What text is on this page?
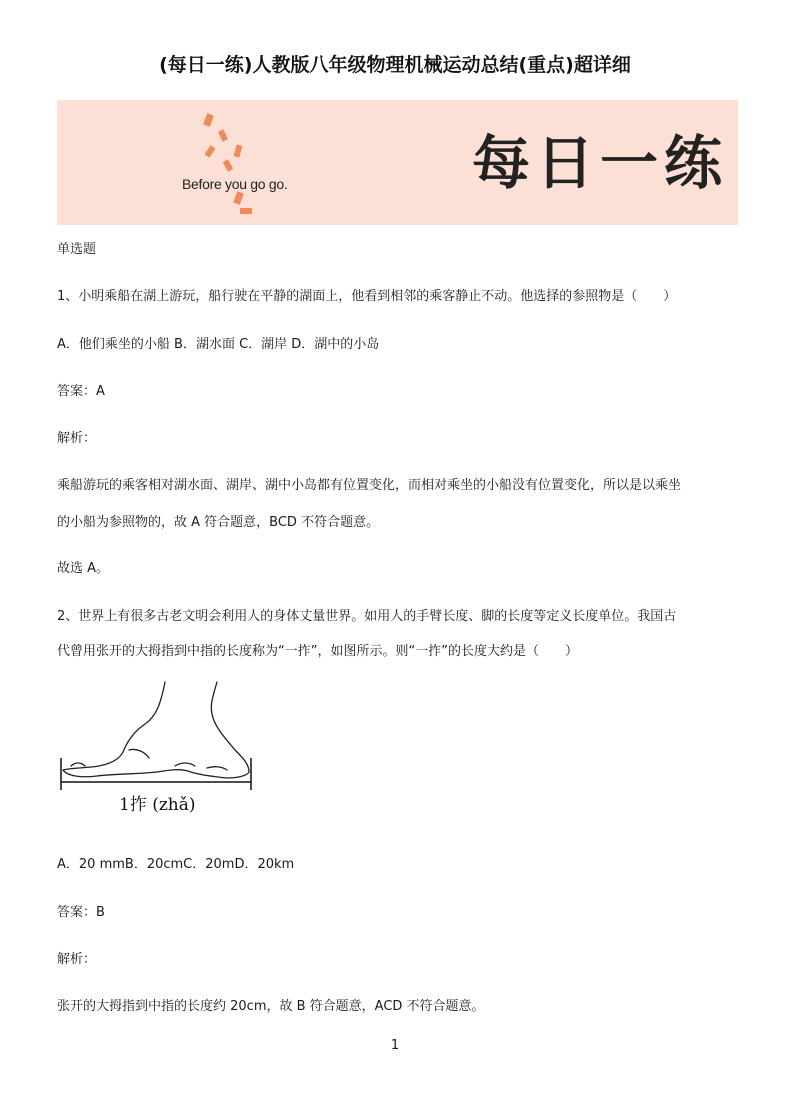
(每日一练)人教版八年级物理机械运动总结(重点)超详细
Before you go go.	每日一练
单选题
1、小明乘船在湖上游玩，船行驶在平静的湖面上，他看到相邻的乘客静止不动。他选择的参照物是（　　）
A．他们乘坐的小船 B．湖水面 C．湖岸 D．湖中的小岛
答案：A
解析：
乘船游玩的乘客相对湖水面、湖岸、湖中小岛都有位置变化，而相对乘坐的小船没有位置变化，所以是以乘坐
的小船为参照物的，故 A 符合题意，BCD 不符合题意。
故选 A。
2、世界上有很多古老文明会利用人的身体丈量世界。如用人的手臂长度、脚的长度等定义长度单位。我国古
代曾用张开的大拇指到中指的长度称为“一拃”，如图所示。则“一拃”的长度大约是（　　）
1拃 (zhǎ)
A．20 mmB．20cmC．20mD．20km
答案：B
解析：
张开的大拇指到中指的长度约 20cm，故 B 符合题意，ACD 不符合题意。
1
